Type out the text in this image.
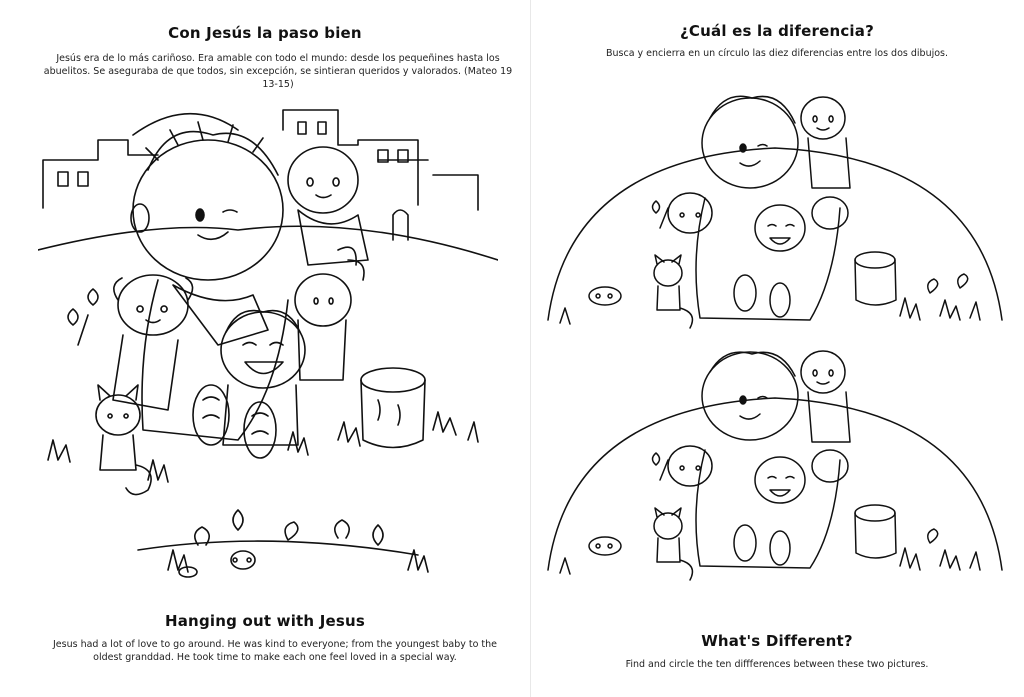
Con Jesús la paso bien
Jesús era de lo más cariñoso. Era amable con todo el mundo: desde los pequeñines hasta los abuelitos. Se aseguraba de que todos, sin excepción, se sintieran queridos y valorados. (Mateo 19 13-15)
Hanging out with Jesus
Jesus had a lot of love to go around. He was kind to everyone; from the youngest baby to the oldest granddad. He took time to make each one feel loved in a special way.
¿Cuál es la diferencia?
Busca y encierra en un círculo las diez diferencias entre los dos dibujos.
What's Different?
Find and circle the ten diffferences between these two pictures.
